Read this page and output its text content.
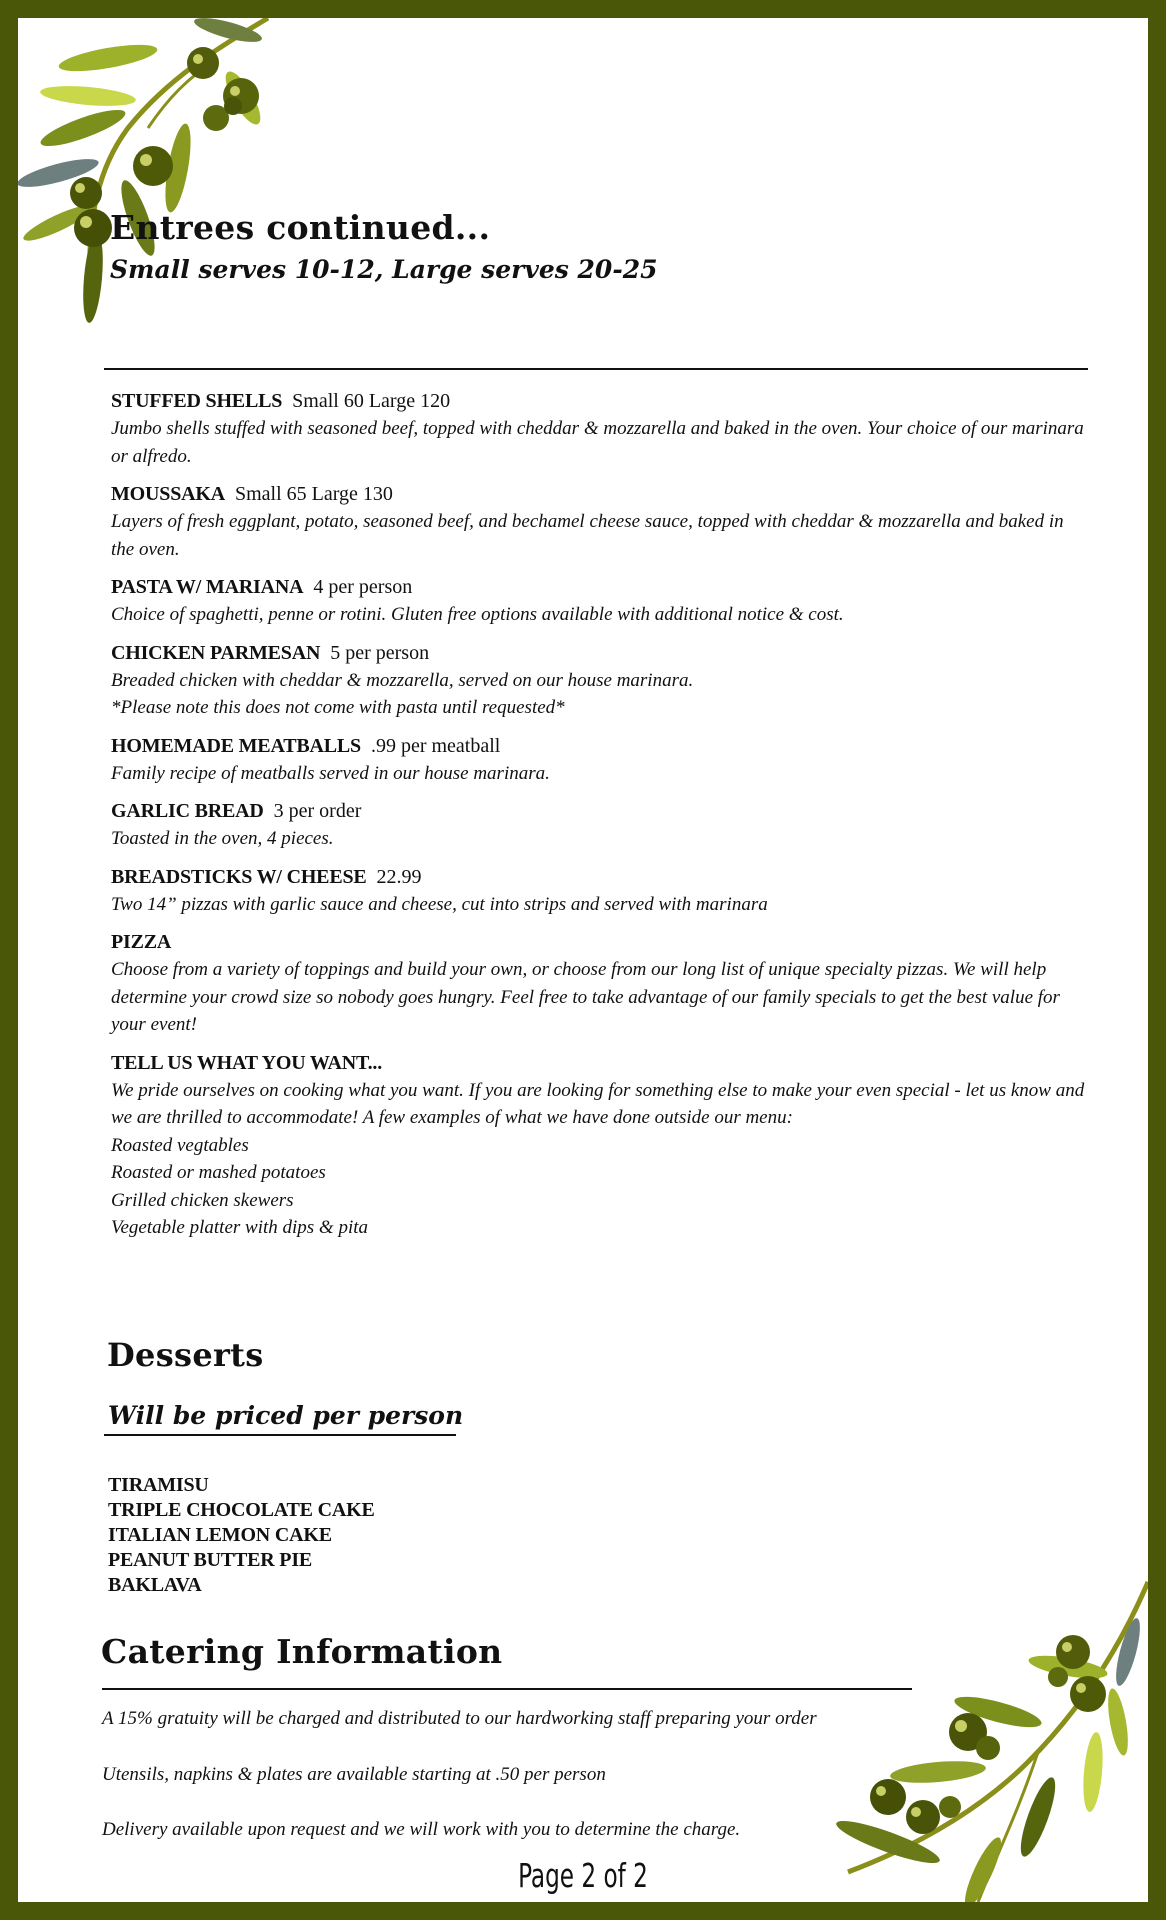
Entrees continued...
Small serves 10-12, Large serves 20-25
STUFFED SHELLS Small 60 Large 120
Jumbo shells stuffed with seasoned beef, topped with cheddar & mozzarella and baked in the oven. Your choice of our marinara or alfredo.
MOUSSAKA Small 65 Large 130
Layers of fresh eggplant, potato, seasoned beef, and bechamel cheese sauce, topped with cheddar & mozzarella and baked in the oven.
PASTA W/ MARIANA 4 per person
Choice of spaghetti, penne or rotini. Gluten free options available with additional notice & cost.
CHICKEN PARMESAN 5 per person
Breaded chicken with cheddar & mozzarella, served on our house marinara.
*Please note this does not come with pasta until requested*
HOMEMADE MEATBALLS .99 per meatball
Family recipe of meatballs served in our house marinara.
GARLIC BREAD 3 per order
Toasted in the oven, 4 pieces.
BREADSTICKS W/ CHEESE 22.99
Two 14” pizzas with garlic sauce and cheese, cut into strips and served with marinara
PIZZA
Choose from a variety of toppings and build your own, or choose from our long list of unique specialty pizzas. We will help determine your crowd size so nobody goes hungry. Feel free to take advantage of our family specials to get the best value for your event!
TELL US WHAT YOU WANT...
We pride ourselves on cooking what you want. If you are looking for something else to make your even special - let us know and we are thrilled to accommodate! A few examples of what we have done outside our menu:
Roasted vegtables
Roasted or mashed potatoes
Grilled chicken skewers
Vegetable platter with dips & pita
Desserts
Will be priced per person
TIRAMISU
TRIPLE CHOCOLATE CAKE
ITALIAN LEMON CAKE
PEANUT BUTTER PIE
BAKLAVA
Catering Information
A 15% gratuity will be charged and distributed to our hardworking staff preparing your order
Utensils, napkins & plates are available starting at .50 per person
Delivery available upon request and we will work with you to determine the charge.
Page 2 of 2
